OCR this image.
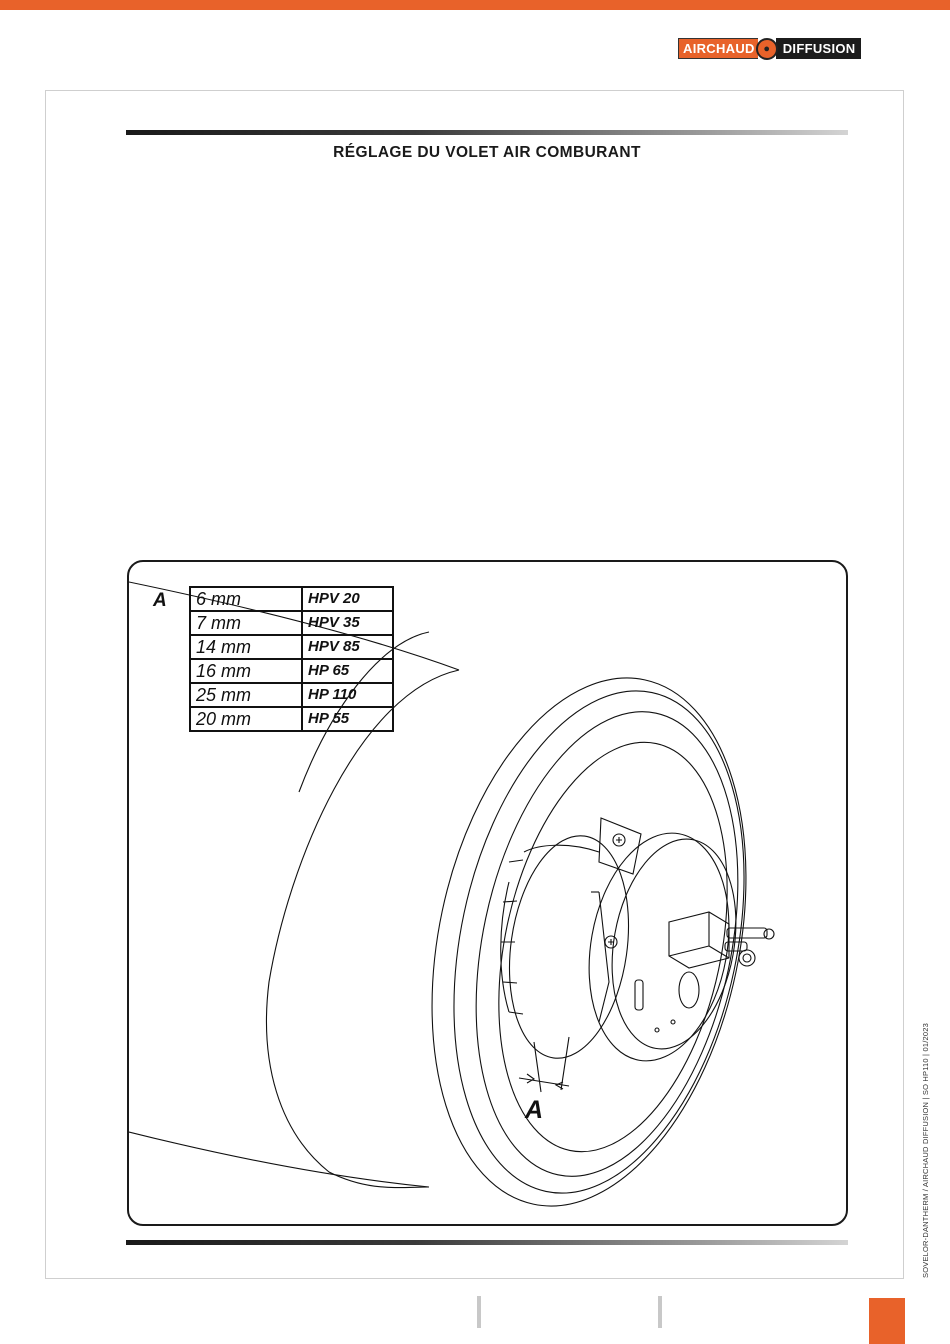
AIRCHAUD ● DIFFUSION
RÉGLAGE DU VOLET AIR COMBURANT
A 6 mm	HPV 20
7 mm	HPV 35
14 mm	HPV 85
16 mm	HP 65
25 mm	HP 110
20 mm	HP 55
A	SOVELOR-DANTHERM / AIRCHAUD DIFFUSION | SO HP110 | 01/2023
